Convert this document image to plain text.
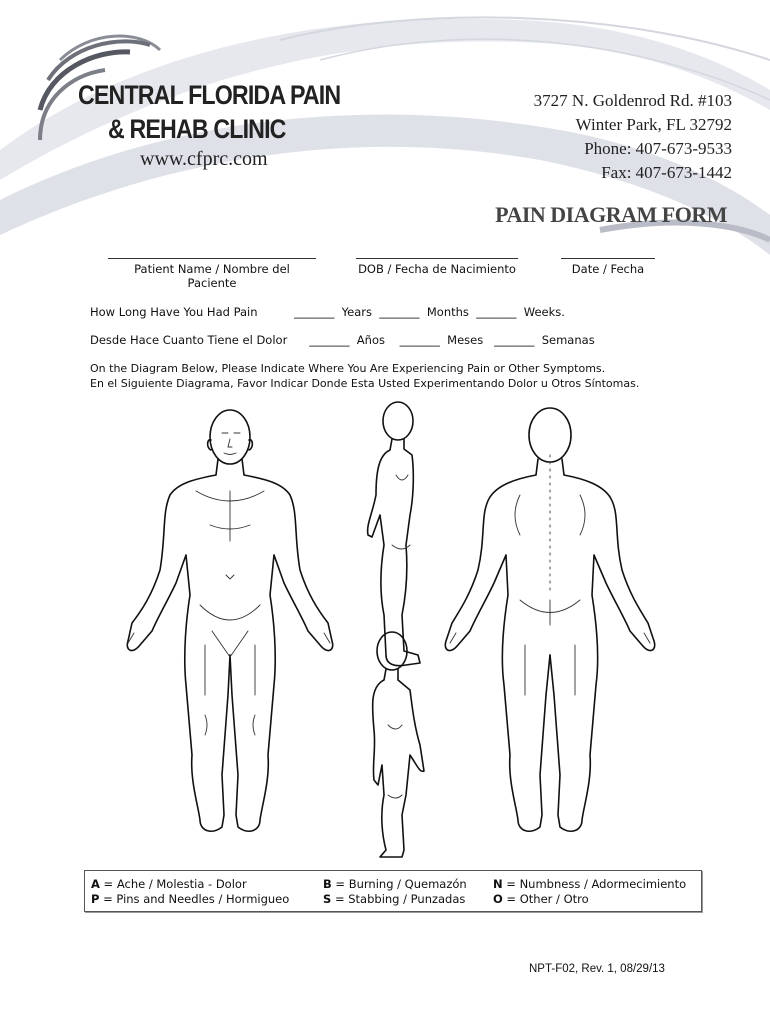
CENTRAL FLORIDA PAIN
& REHAB CLINIC
www.cfprc.com
3727 N. Goldenrod Rd. #103
Winter Park, FL 32792
Phone: 407-673-9533
Fax: 407-673-1442
PAIN DIAGRAM FORM
Patient Name / Nombre del Paciente
DOB / Fecha de Nacimiento	Date / Fecha
How Long Have You Had Pain          _______  Years  _______  Months  _______  Weeks.
Desde Hace Cuanto Tiene el Dolor      _______  Años    _______  Meses   _______  Semanas
On the Diagram Below, Please Indicate Where You Are Experiencing Pain or Other Symptoms.
En el Siguiente Diagrama, Favor Indicar Donde Esta Usted Experimentando Dolor u Otros Síntomas.
A = Ache / Molestia - Dolor
P = Pins and Needles / Hormigueo
B = Burning / Quemazón
S = Stabbing / Punzadas
N = Numbness / Adormecimiento
O = Other / Otro
NPT-F02, Rev. 1, 08/29/13
